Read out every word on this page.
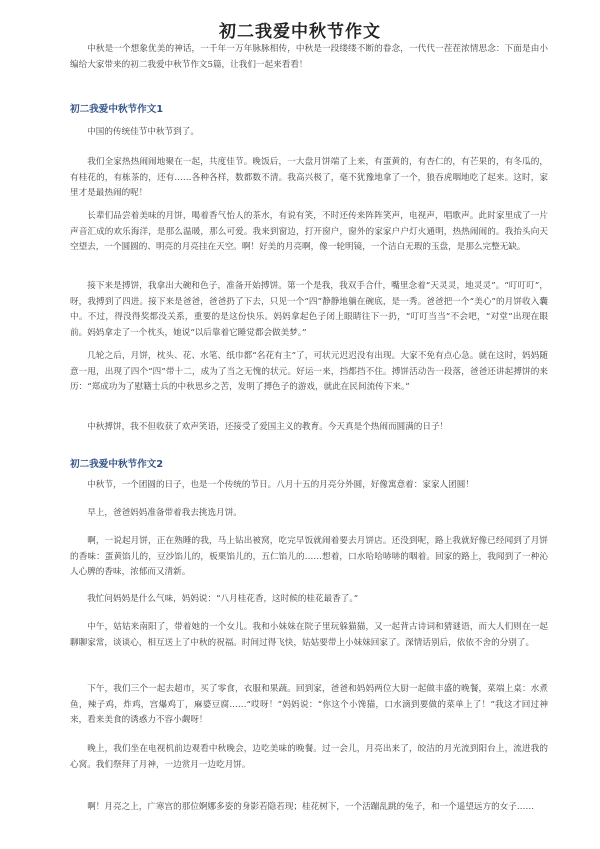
初二我爱中秋节作文

中秋是一个想象优美的神话，一千年一万年脉脉相传，中秋是一段缕缕不断的眷念，一代代一茬茬浓情思念：下面是由小编给大家带来的初二我爱中秋节作文5篇，让我们一起来看看！

初二我爱中秋节作文1

中国的传统佳节中秋节到了。

我们全家热热闹闹地聚在一起，共度佳节。晚饭后，一大盘月饼端了上来，有蛋黄的，有杏仁的，有芒果的，有冬瓜的，有桂花的，有栋茶的，还有……各种各样，数都数不清。我高兴极了，毫不犹豫地拿了一个，狼吞虎咽地吃了起来。这时，家里才是最热闹的呢！

长辈们品尝着美味的月饼，喝着香气怡人的茶水，有说有笑，不时还传来阵阵笑声，电视声，唱歌声。此时家里成了一片声音汇成的欢乐海洋，是那么温暖，那么可爱。我来到窗边，打开窗户，窗外的家家户户灯火通明，热热闹闹的。我抬头向天空望去，一个圆圆的、明亮的月亮挂在天空。啊！好美的月亮啊，像一轮明镜，一个洁白无瑕的玉盘，是那么完整无缺。

接下来是搏饼，我拿出大碗和色子，准备开始搏饼。第一个是我，我双手合什，嘴里念着“天灵灵，地灵灵”。“叮叮叮”，呀，我搏到了四进。接下来是爸爸，爸爸扔了下去，只见一个“四”静静地躺在碗底，是一秀。爸爸把一个“美心”的月饼收入囊中。不过，得没得奖都没关系，重要的是这份快乐。妈妈拿起色子闭上眼睛往下一扔，“叮叮当当”不会吧，“对堂”出现在眼前。妈妈拿走了一个枕头，她说“以后靠着它睡觉都会做美梦。”

几轮之后，月饼，枕头、花、水笔、纸巾都“名花有主”了，可状元迟迟没有出现。大家不免有点心急。就在这时，妈妈随意一甩，出现了四个“四”带十二，成为了当之无愧的状元。好运一来，挡都挡不住。搏饼活动告一段落，爸爸还讲起搏饼的来历：“郑成功为了慰籍士兵的中秋思乡之苦，发明了搏色子的游戏，就此在民间流传下来。”

中秋搏饼，我不但收获了欢声笑语，还接受了爱国主义的教育。今天真是个热闹而圆满的日子！

初二我爱中秋节作文2

中秋节，一个团圆的日子，也是一个传统的节日。八月十五的月亮分外圆，好像寓意着：家家人团圆！

早上，爸爸妈妈准备带着我去挑选月饼。

啊，一说起月饼，正在熟睡的我，马上钻出被窝，吃完早饭就闹着要去月饼店。还没到呢，路上我就好像已经闻到了月饼的香味：蛋黄馅儿的，豆沙馅儿的，板栗馅儿的，五仁馅儿的……想着，口水哈哈哧哧的咽着。回家的路上，我闻到了一种沁人心脾的香味，浓郁而又清新。

我忙问妈妈是什么气味，妈妈说：“八月桂花香，这时候的桂花最香了。”

中午，姑姑来南阳了，带着她的一个女儿。我和小妹妹在院子里玩躲猫猫，又一起背古诗词和猜谜语，而大人们则在一起聊聊家常，谈谈心，相互送上了中秋的祝福。时间过得飞快，姑姑要带上小妹妹回家了。深情话别后，依依不舍的分别了。

下午，我们三个一起去超市，买了零食，衣服和果蔬。回到家，爸爸和妈妈两位大厨一起做丰盛的晚餐，菜端上桌：水煮鱼，辣子鸡，炸鸡，宫爆鸡丁，麻婆豆腐……“哎呀！”妈妈说：“你这个小馋猫，口水滴到要做的菜单上了！”我这才回过神来，看来美食的诱惑力不容小觑呀！

晚上，我们坐在电视机前边观看中秋晚会，边吃美味的晚餐。过一会儿，月亮出来了，皎洁的月光流到阳台上，流进我的心窝。我们祭拜了月神，一边赏月一边吃月饼。

啊！月亮之上，广寒宫的那位婀娜多姿的身影若隐若现；桂花树下，一个活蹦乱跳的兔子，和一个遥望远方的女子……
